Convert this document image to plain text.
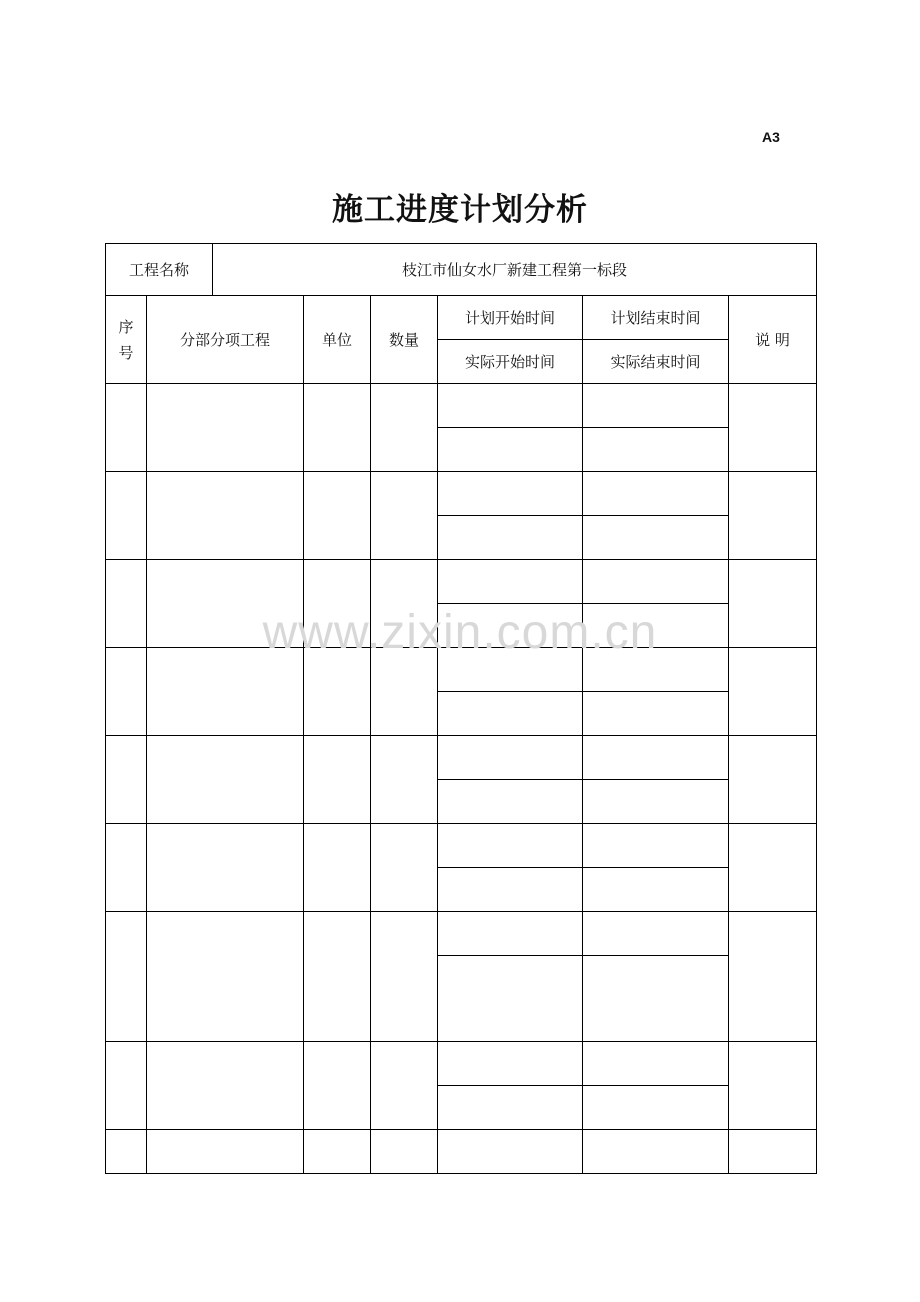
A3
施工进度计划分析
工程名称		枝江市仙女水厂新建工程第一标段					
序
号	分部分项工程		单位	数量	计划开始时间	计划结束时间	说 明
					实际开始时间	实际结束时间	

www.zixin.com.cn
